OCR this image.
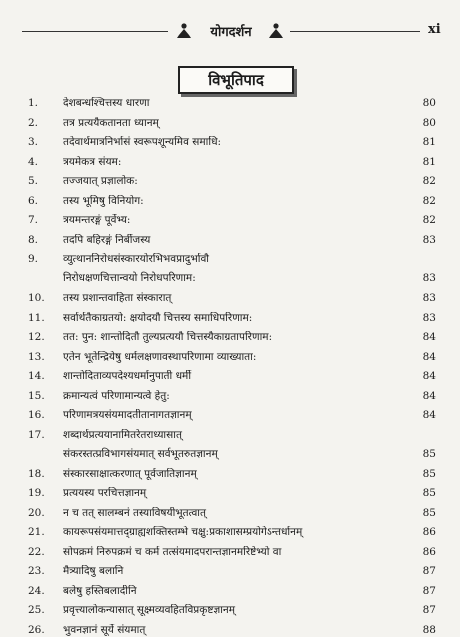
योगदर्शन	xi
विभूतिपाद
1.	देशबन्धश्चित्तस्य धारणा	80
2.	तत्र प्रत्ययैकतानता ध्यानम्	80
3.	तदेवार्थमात्रनिर्भासं स्वरूपशून्यमिव समाधि:	81
4.	त्रयमेकत्र संयम:	81
5.	तज्जयात् प्रज्ञालोक:	82
6.	तस्य भूमिषु विनियोग:	82
7.	त्रयमन्तरङ्गं पूर्वेभ्य:	82
8.	तदपि बहिरङ्गं निर्बीजस्य	83
9.	व्युत्थाननिरोधसंस्कारयोरभिभवप्रादुर्भावौ
निरोधक्षणचित्तान्वयो निरोधपरिणाम:	83
10.	तस्य प्रशान्तवाहिता संस्कारात्	83
11.	सर्वार्थतैकाग्रतयो: क्षयोदयौ चित्तस्य समाधिपरिणाम:	83
12.	तत: पुन: शान्तोदितौ तुल्यप्रत्ययौ चित्तस्यैकाग्रतापरिणाम:	84
13.	एतेन भूतेन्द्रियेषु धर्मलक्षणावस्थापरिणामा व्याख्याता:	84
14.	शान्तोदिताव्यपदेश्यधर्मानुपाती धर्मी	84
15.	क्रमान्यत्वं परिणामान्यत्वे हेतु:	84
16.	परिणामत्रयसंयमादतीतानागतज्ञानम्	84
17.	शब्दार्थप्रत्ययानामितरेतराध्यासात्
संकरस्तत्प्रविभागसंयमात् सर्वभूतरुतज्ञानम्	85
18.	संस्कारसाक्षात्करणात् पूर्वजातिज्ञानम्	85
19.	प्रत्ययस्य परचित्तज्ञानम्	85
20.	न च तत् सालम्बनं तस्याविषयीभूतत्वात्	85
21.	कायरूपसंयमात्तद्ग्राह्यशक्तिस्तम्भे चक्षु:प्रकाशासम्प्रयोगेऽन्तर्धानम्	86
22.	सोपक्रमं निरुपक्रमं च कर्म तत्संयमादपरान्तज्ञानमरिष्टेभ्यो वा	86
23.	मैत्र्यादिषु बलानि	87
24.	बलेषु हस्तिबलादीनि	87
25.	प्रवृत्त्यालोकन्यासात् सूक्ष्मव्यवहितविप्रकृष्टज्ञानम्	87
26.	भुवनज्ञानं सूर्ये संयमात्	88
